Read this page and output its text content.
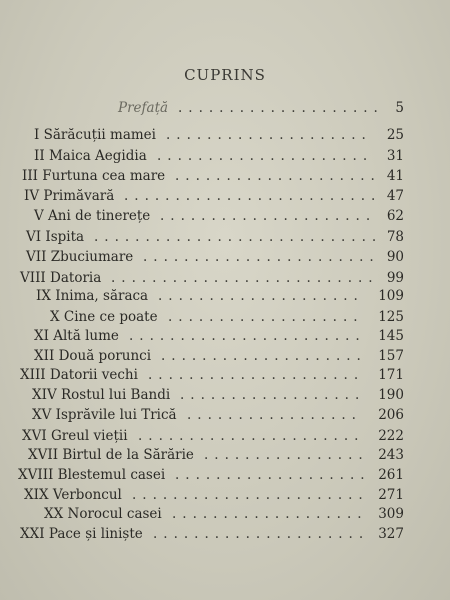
CUPRINS
Prefață .................... 5
I Sărăcuții mamei .................... 25
II Maica Aegidia ..................... 31
III Furtuna cea mare .................... 41
IV Primăvară ......................... 47
V Ani de tinerețe ..................... 62
VI Ispita ............................ 78
VII Zbuciumare ....................... 90
VIII Datoria .......................... 99
IX Inima, săraca .................... 109
X Cine ce poate ................... 125
XI Altă lume ....................... 145
XII Două porunci .................... 157
XIII Datorii vechi ..................... 171
XIV Rostul lui Bandi .................. 190
XV Isprăvile lui Trică ................. 206
XVI Greul vieții ...................... 222
XVII Birtul de la Sărărie ................ 243
XVIII Blestemul casei ................... 261
XIX Verboncul ....................... 271
XX Norocul casei ................... 309
XXI Pace și liniște ..................... 327
